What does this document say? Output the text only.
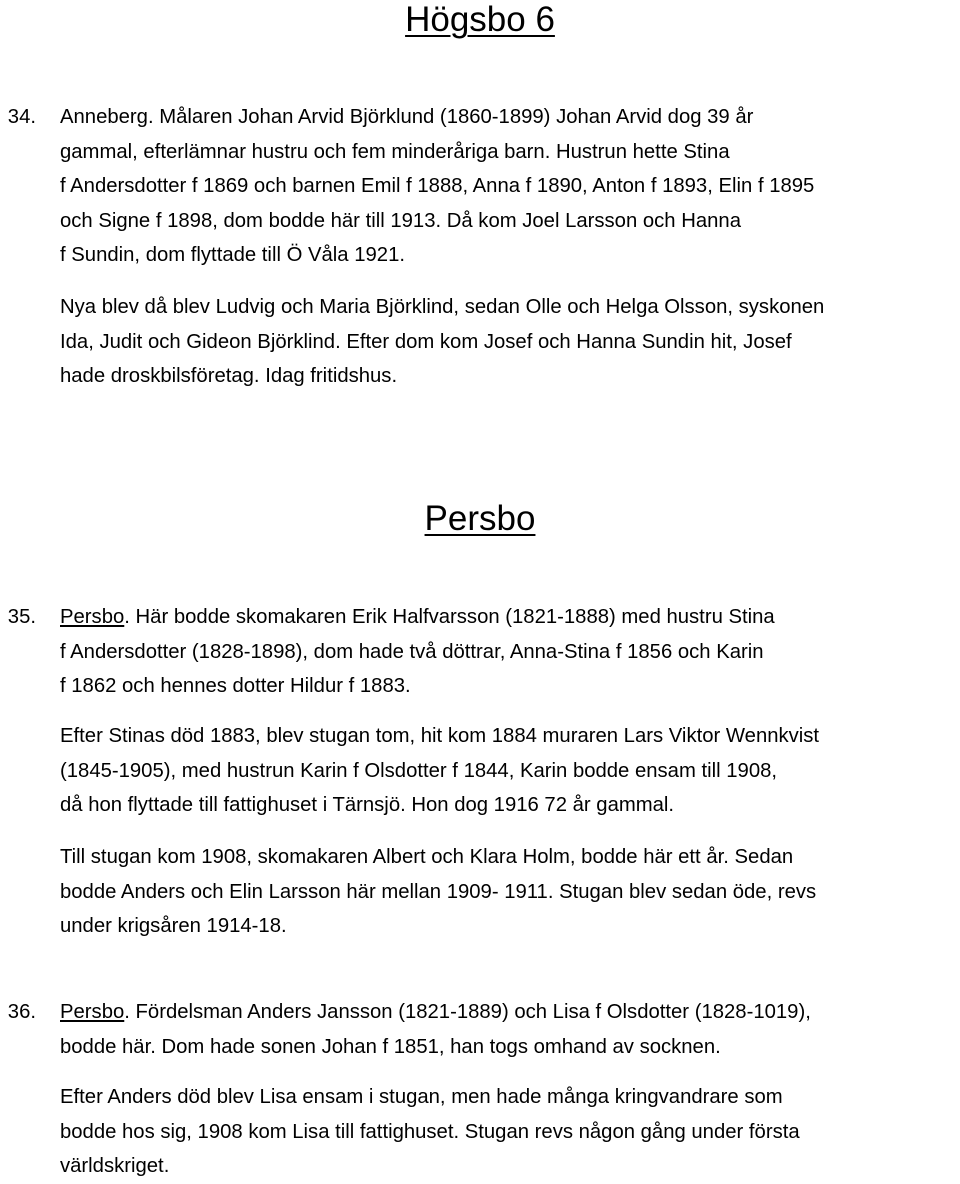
Högsbo 6

34.	Anneberg. Målaren Johan Arvid Björklund (1860-1899) Johan Arvid dog 39 år
gammal, efterlämnar hustru och fem minderåriga barn. Hustrun hette Stina
f Andersdotter f 1869 och barnen Emil f 1888, Anna f 1890, Anton f 1893, Elin f 1895
och Signe f 1898, dom bodde här till 1913. Då kom Joel Larsson och Hanna
f Sundin, dom flyttade till Ö Våla 1921.

Nya blev då blev Ludvig och Maria Björklind, sedan Olle och Helga Olsson, syskonen
Ida, Judit och Gideon Björklind. Efter dom kom Josef och Hanna Sundin hit, Josef
hade droskbilsföretag. Idag fritidshus.

Persbo

35.	Persbo. Här bodde skomakaren Erik Halfvarsson (1821-1888) med hustru Stina
f Andersdotter (1828-1898), dom hade två döttrar, Anna-Stina f 1856 och Karin
f 1862 och hennes dotter Hildur f 1883.

Efter Stinas död 1883, blev stugan tom, hit kom 1884 muraren Lars Viktor Wennkvist
(1845-1905), med hustrun Karin f Olsdotter f 1844, Karin bodde ensam till 1908,
då hon flyttade till fattighuset i Tärnsjö. Hon dog 1916 72 år gammal.

Till stugan kom 1908, skomakaren Albert och Klara Holm, bodde här ett år. Sedan
bodde Anders och Elin Larsson här mellan 1909- 1911. Stugan blev sedan öde, revs
under krigsåren 1914-18.

36.	Persbo. Fördelsman Anders Jansson (1821-1889) och Lisa f Olsdotter (1828-1019),
bodde här. Dom hade sonen Johan f 1851, han togs omhand av socknen.

Efter Anders död blev Lisa ensam i stugan, men hade många kringvandrare som
bodde hos sig, 1908 kom Lisa till fattighuset. Stugan revs någon gång under första
världskriget.
